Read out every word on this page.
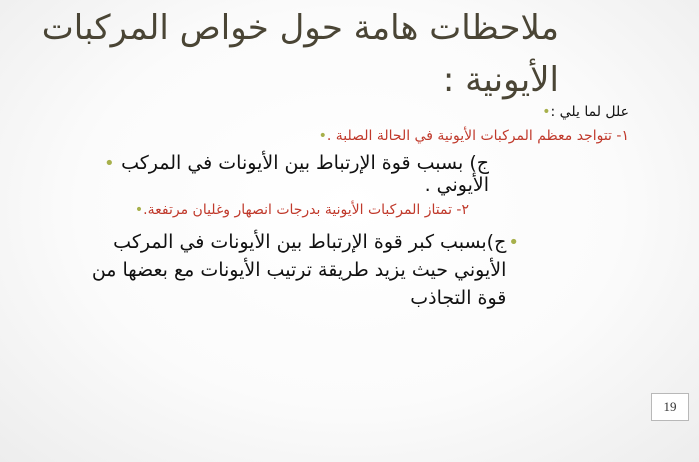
ملاحظات هامة حول خواص المركبات الأيونية :
علل لما يلي :
•
١- تتواجد معظم المركبات الأيونية في الحالة الصلبة .
•
ج) بسبب قوة الإرتباط بين الأيونات في المركب الأيوني .
•
٢- تمتاز المركبات الأيونية بدرجات انصهار وغليان مرتفعة.
•
•
ج)بسبب كبر قوة الإرتباط بين الأيونات في المركب الأيوني حيث يزيد طريقة ترتيب الأيونات مع بعضها من قوة التجاذب
19
